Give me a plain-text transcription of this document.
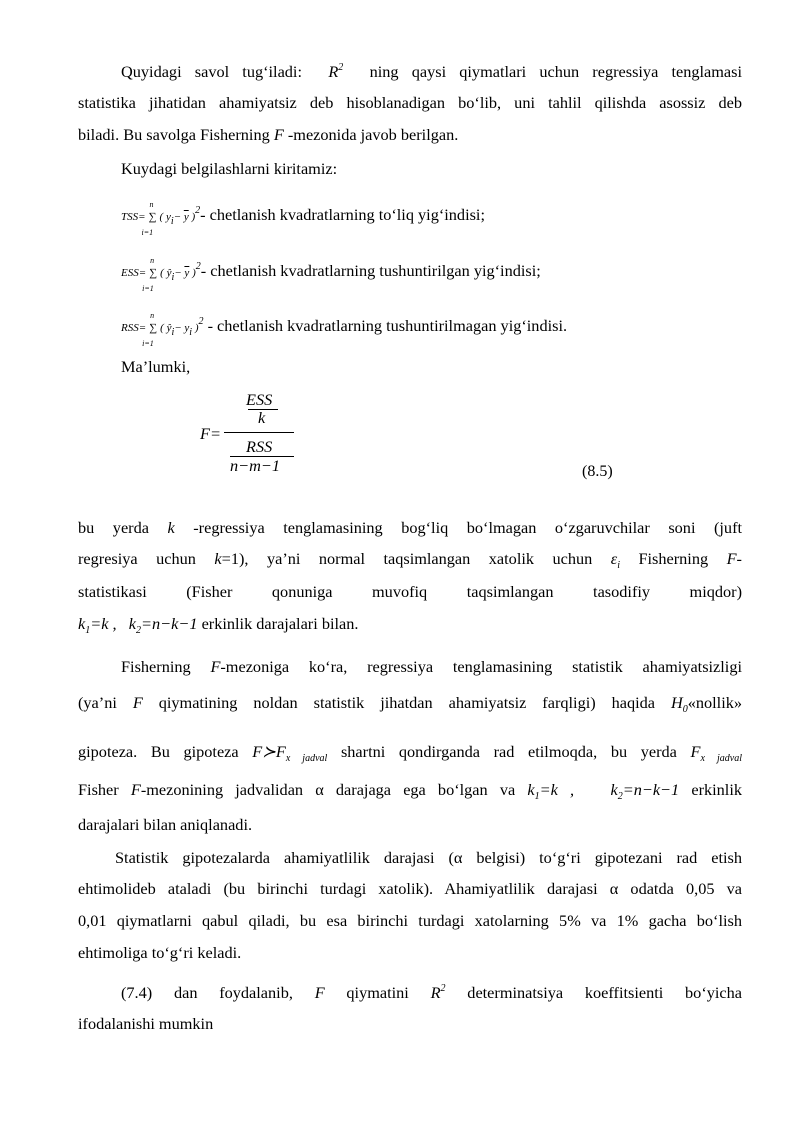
Quyidagi savol tug‘iladi:  $R^2$ ning qaysi qiymatlari uchun regressiya tenglamasi
statistika jihatidan ahamiyatsiz deb hisoblanadigan bo‘lib, uni tahlil qilishda asossiz deb
biladi. Bu savolga Fisherning F -mezonida javob berilgan.
Kuydagi belgilashlarni kiritamiz:
TSS=
n
∑
i=1
( $yi- \overline{y}$ )2- chetlanish kvadratlarning to‘liq yig‘indisi;
ESS=
n
∑
i=1
( ŷi− $\overline{y}$ )2- chetlanish kvadratlarning tushuntirilgan yig‘indisi;
RSS=
n
∑
i=1
( ŷi− yi )2 - chetlanish kvadratlarning tushuntirilmagan yig‘indisi.
Ma’lumki,
F=
ESS
k
RSS
n−m−1	(8.5)
bu yerda k -regressiya tenglamasining bog‘liq bo‘lmagan o‘zgaruvchilar soni (juft
regresiya uchun k=1), ya’ni normal taqsimlangan xatolik uchun $\varepsilon_i$ Fisherning F-
statistikasi (Fisher qonuniga muvofiq taqsimlangan tasodifiy miqdor)
$k_1=k$ ,   $k_2=n-k-1$ erkinlik darajalari bilan.
Fisherning F-mezoniga ko‘ra, regressiya tenglamasining statistik ahamiyatsizligi
(ya’ni F qiymatining noldan statistik jihatdan ahamiyatsiz farqligi) haqida $H_0«nollik$»
gipoteza. Bu gipoteza $F≻F_{x jadval}$ shartni qondirganda rad etilmoqda, bu yerda $F_{x jadval}$
Fisher F-mezonining jadvalidan α darajaga ega bo‘lgan va $k_1=k$ ,   $k_2=n-k-1$ erkinlik
darajalari bilan aniqlanadi.
Statistik gipotezalarda ahamiyatlilik darajasi (α belgisi) to‘g‘ri gipotezani rad etish
ehtimolideb ataladi (bu birinchi turdagi xatolik). Ahamiyatlilik darajasi α odatda 0,05 va
0,01 qiymatlarni qabul qiladi, bu esa birinchi turdagi xatolarning 5% va 1% gacha bo‘lish
ehtimoliga to‘g‘ri keladi.
(7.4) dan foydalanib, F qiymatini $R^2$ determinatsiya koeffitsienti bo‘yicha
ifodalanishi mumkin
